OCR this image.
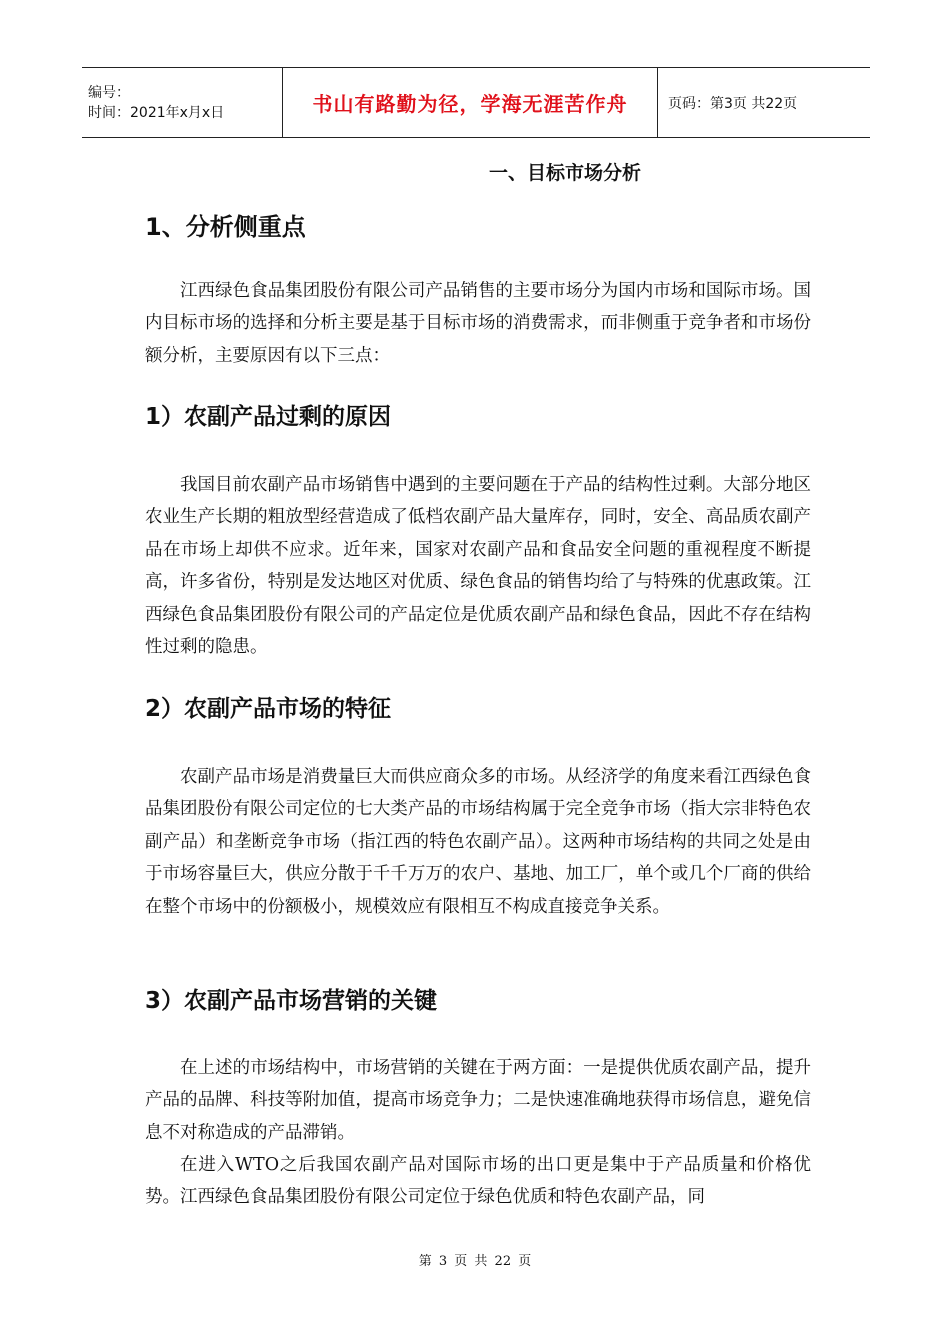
编号：
时间：2021年x月x日	书山有路勤为径，学海无涯苦作舟	页码：第3页 共22页
一、目标市场分析
1、分析侧重点

江西绿色食品集团股份有限公司产品销售的主要市场分为国内市场和国际市场。国内目标市场的选择和分析主要是基于目标市场的消费需求，而非侧重于竞争者和市场份额分析，主要原因有以下三点：

1）农副产品过剩的原因

我国目前农副产品市场销售中遇到的主要问题在于产品的结构性过剩。大部分地区农业生产长期的粗放型经营造成了低档农副产品大量库存，同时，安全、高品质农副产品在市场上却供不应求。近年来，国家对农副产品和食品安全问题的重视程度不断提高，许多省份，特别是发达地区对优质、绿色食品的销售均给了与特殊的优惠政策。江西绿色食品集团股份有限公司的产品定位是优质农副产品和绿色食品，因此不存在结构性过剩的隐患。

2）农副产品市场的特征

农副产品市场是消费量巨大而供应商众多的市场。从经济学的角度来看江西绿色食品集团股份有限公司定位的七大类产品的市场结构属于完全竞争市场（指大宗非特色农副产品）和垄断竞争市场（指江西的特色农副产品）。这两种市场结构的共同之处是由于市场容量巨大，供应分散于千千万万的农户、基地、加工厂，单个或几个厂商的供给在整个市场中的份额极小，规模效应有限相互不构成直接竞争关系。

3）农副产品市场营销的关键

在上述的市场结构中，市场营销的关键在于两方面：一是提供优质农副产品，提升产品的品牌、科技等附加值，提高市场竞争力；二是快速准确地获得市场信息，避免信息不对称造成的产品滞销。

在进入WTO之后我国农副产品对国际市场的出口更是集中于产品质量和价格优势。江西绿色食品集团股份有限公司定位于绿色优质和特色农副产品，同

第 3 页 共 22 页
